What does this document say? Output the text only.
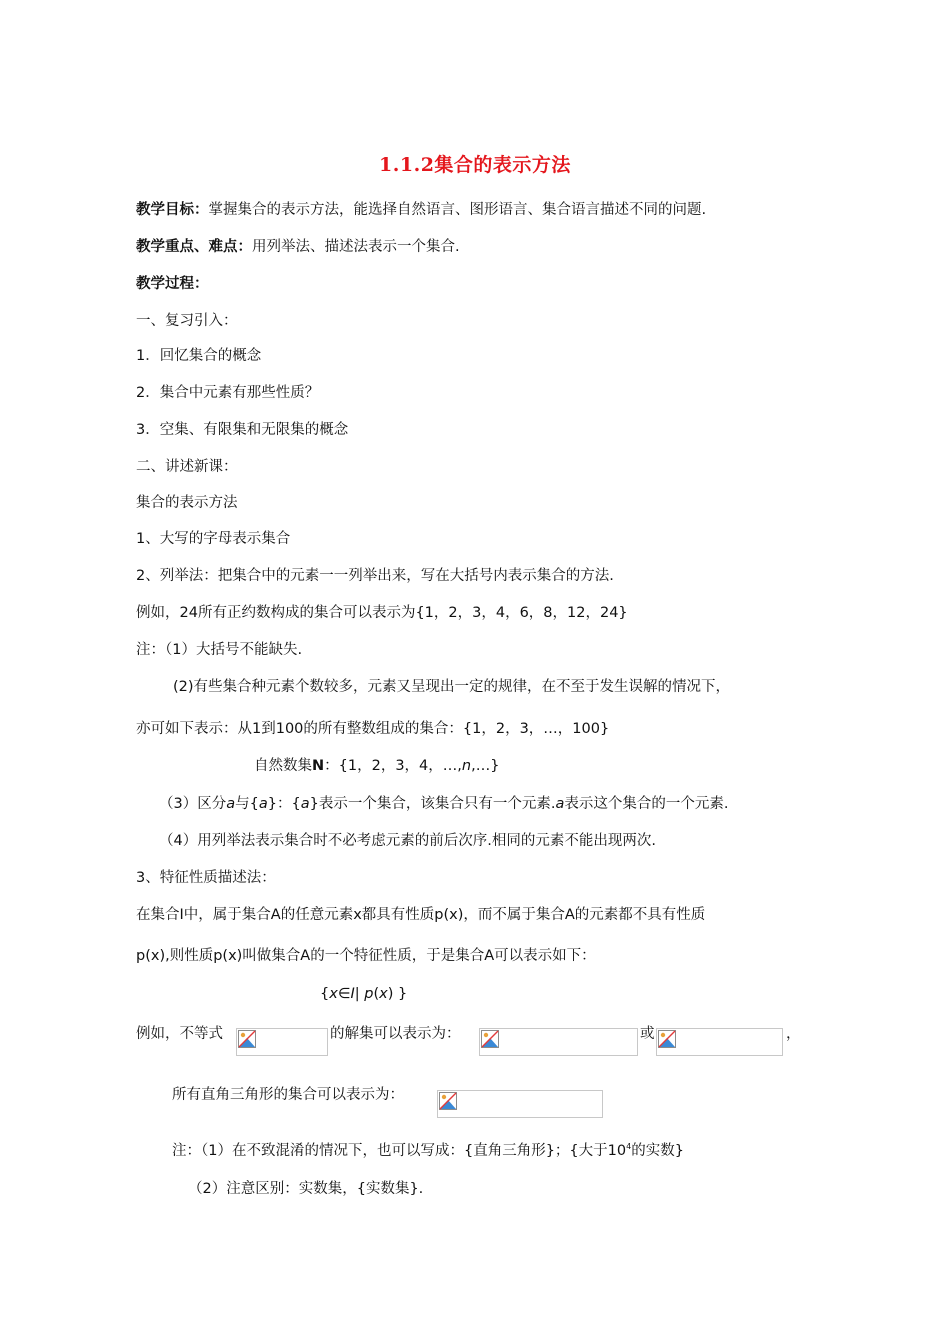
1.1.2集合的表示方法
教学目标：掌握集合的表示方法，能选择自然语言、图形语言、集合语言描述不同的问题.
教学重点、难点：用列举法、描述法表示一个集合.
教学过程：
一、复习引入：
1．回忆集合的概念
2．集合中元素有那些性质？
3．空集、有限集和无限集的概念
二、讲述新课：
集合的表示方法
1、大写的字母表示集合
2、列举法：把集合中的元素一一列举出来，写在大括号内表示集合的方法.
例如，24所有正约数构成的集合可以表示为{1，2，3，4，6，8，12，24}
注：（1）大括号不能缺失.
(2)有些集合种元素个数较多，元素又呈现出一定的规律，在不至于发生误解的情况下，
亦可如下表示：从1到100的所有整数组成的集合：{1，2，3，…，100}
自然数集N：{1，2，3，4，…,n,…}
（3）区分a与{a}：{a}表示一个集合，该集合只有一个元素.a表示这个集合的一个元素.
（4）用列举法表示集合时不必考虑元素的前后次序.相同的元素不能出现两次.
3、特征性质描述法：
在集合I中，属于集合A的任意元素x都具有性质p(x)，而不属于集合A的元素都不具有性质
p(x),则性质p(x)叫做集合A的一个特征性质，于是集合A可以表示如下：
{x∈I| p(x) }
例如，不等式	的解集可以表示为：	或	，
所有直角三角形的集合可以表示为：
注：（1）在不致混淆的情况下，也可以写成：{直角三角形}；{大于$10^4$的实数}
（2）注意区别：实数集，{实数集}.
